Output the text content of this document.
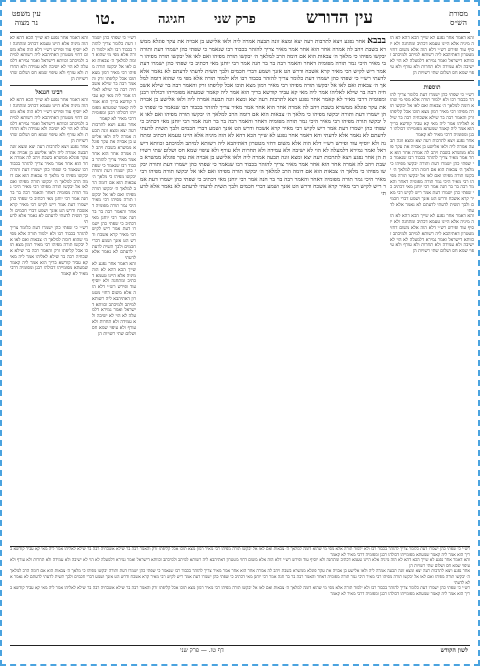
עין משפט
נר מצוה	טו.	חגיגה פרק שני	עין הדורש	מסורת
הש״ס
והא דאמר אחר נפגע לא שייך הכא דהא לא הוה מיניה אלא היינו טעמא דכתיב ומתחנה ולא יוסיף עוד ופירש רש״י דלא הוה אלא משום דחזי מטטרון דאתיהבא ליה רשותא למיתב ולמיכתב זכוותא דישראל ואמר גמירא דלמעלה לא הוי לא ישיבה ולא עמידה ולא תחרות ולא עורף ולא עיפוי שמא חס ושלום שתי רשויות הן
רבינו חננאל
והא דאמר אחר נפגע לא שייך הכא דהא לא הוה מיניה אלא היינו טעמא דכתיב ומתחנה ולא יוסיף עוד ופירש רש״י דלא הוה אלא משום דחזי מטטרון דאתיהבא ליה רשותא למיתב ולמיכתב זכוותא דישראל ואמר גמירא דלמעלה לא הוי לא ישיבה ולא עמידה ולא תחרות ולא עורף ולא עיפוי שמא חס ושלום שתי רשויות הן
אחר נפגע ויצא לתרבות רעה יצא ומצא זונה תבעה אמרה ליה ולאו אלישע בן אבויה את עקר פוגלא ממשרא בשבת ויהב לה אמרה אחר הוא אחר אמר מאיר צריך להזהר בכבוד רבו שנאמר כי שפתי כהן ישמרו דעת ותורה יבקשו מפיהו כי מלאך ה׳ צבאות הוא אם דומה הרב למלאך ה׳ יבקשו תורה מפיהו ואם לאו אל יבקשו תורה מפיהו רבי מאיר היכי גמר תורה מפומיה דאחר והאמר רבה בר בר חנה אמר רבי יוחנן מאי דכתיב כי שפתי כהן ישמרו דעת אמר ריש לקיש רבי מאיר קרא אשכח ודרש הט אזנך ושמע דברי חכמים ולבך תשית לדעתי לדעתם לא נאמר אלא לדעתי
רש״י כי שפתי כהן ישמרו דעת כלומר צריך להזהר בכבוד רבו ולא ילמוד תורה אלא מפי מי שהוא דומה למלאך ה׳ צבאות ואם לאו אל יבקשו תורה מפיהו רבי מאיר רמון מצא תוכו אכל קליפתו זרק והאמר רבה בר שילא אשכחיה רבה בר שילא לאליהו אמר ליה מאי קא עביד קודשא בריך הוא אמר ליה קאמר שמעתא מפומייהו דכולהו רבנן ומפומיה דרבי מאיר לא קאמר
רש״י כי שפתי כהן ישמרו דעת כלומר צריך להזהר בכבוד רבו ולא ילמוד תורה אלא מפי מי שהוא דומה למלאך ה׳ צבאות ואם לאו אל יבקשו תורה מפיהו רבי מאיר רמון מצא תוכו אכל קליפתו זרק והאמר רבה בר שילא אשכחיה רבה בר שילא לאליהו אמר ליה מאי קא עביד קודשא בריך הוא אמר ליה קאמר שמעתא מפומייהו דכולהו רבנן ומפומיה דרבי מאיר לא קאמר
אחר נפגע ויצא לתרבות רעה יצא ומצא זונה תבעה אמרה ליה ולאו אלישע בן אבויה את עקר פוגלא ממשרא בשבת ויהב לה אמרה אחר הוא אחר אמר מאיר צריך להזהר בכבוד רבו שנאמר כי שפתי כהן ישמרו דעת ותורה יבקשו מפיהו כי מלאך ה׳ צבאות הוא אם דומה הרב למלאך ה׳ יבקשו תורה מפיהו ואם לאו אל יבקשו תורה מפיהו רבי מאיר היכי גמר תורה מפומיה דאחר והאמר רבה בר בר חנה אמר רבי יוחנן מאי דכתיב כי שפתי כהן ישמרו דעת אמר ריש לקיש רבי מאיר קרא אשכח ודרש הט אזנך ושמע דברי חכמים ולבך תשית לדעתי לדעתם לא נאמר אלא לדעתי
והא דאמר אחר נפגע לא שייך הכא דהא לא הוה מיניה אלא היינו טעמא דכתיב ומתחנה ולא יוסיף עוד ופירש רש״י דלא הוה אלא משום דחזי מטטרון דאתיהבא ליה רשותא למיתב ולמיכתב זכוותא דישראל ואמר גמירא דלמעלה לא הוי לא ישיבה ולא עמידה ולא תחרות ולא עורף ולא עיפוי שמא חס ושלום שתי רשויות הן
בבבא אחר נפגע ויצא לתרבות רעה יצא ומצא זונה תבעה אמרה ליה ולאו אלישע בן אבויה את עקר פוגלא ממשרא בשבת ויהב לה אמרה אחר הוא אחר אמר מאיר צריך להזהר בכבוד רבו שנאמר כי שפתי כהן ישמרו דעת ותורה יבקשו מפיהו כי מלאך ה׳ צבאות הוא אם דומה הרב למלאך ה׳ יבקשו תורה מפיהו ואם לאו אל יבקשו תורה מפיהו רבי מאיר היכי גמר תורה מפומיה דאחר והאמר רבה בר בר חנה אמר רבי יוחנן מאי דכתיב כי שפתי כהן ישמרו דעת אמר ריש לקיש רבי מאיר קרא אשכח ודרש הט אזנך ושמע דברי חכמים ולבך תשית לדעתי לדעתם לא נאמר אלא לדעתי רש״י כי שפתי כהן ישמרו דעת כלומר צריך להזהר בכבוד רבו ולא ילמוד תורה אלא מפי מי שהוא דומה למלאך ה׳ צבאות ואם לאו אל יבקשו תורה מפיהו רבי מאיר רמון מצא תוכו אכל קליפתו זרק והאמר רבה בר שילא אשכחיה רבה בר שילא לאליהו אמר ליה מאי קא עביד קודשא בריך הוא אמר ליה קאמר שמעתא מפומייהו דכולהו רבנן ומפומיה דרבי מאיר לא קאמר אחר נפגע ויצא לתרבות רעה יצא ומצא זונה תבעה אמרה ליה ולאו אלישע בן אבויה את עקר פוגלא ממשרא בשבת ויהב לה אמרה אחר הוא אחר אמר מאיר צריך להזהר בכבוד רבו שנאמר כי שפתי כהן ישמרו דעת ותורה יבקשו מפיהו כי מלאך ה׳ צבאות הוא אם דומה הרב למלאך ה׳ יבקשו תורה מפיהו ואם לאו אל יבקשו תורה מפיהו רבי מאיר היכי גמר תורה מפומיה דאחר והאמר רבה בר בר חנה אמר רבי יוחנן מאי דכתיב כי שפתי כהן ישמרו דעת אמר ריש לקיש רבי מאיר קרא אשכח ודרש הט אזנך ושמע דברי חכמים ולבך תשית לדעתי לדעתם לא נאמר אלא לדעתי והא דאמר אחר נפגע לא שייך הכא דהא לא הוה מיניה אלא היינו טעמא דכתיב ומתחנה ולא יוסיף עוד ופירש רש״י דלא הוה אלא משום דחזי מטטרון דאתיהבא ליה רשותא למיתב ולמיכתב זכוותא דישראל ואמר גמירא דלמעלה לא הוי לא ישיבה ולא עמידה ולא תחרות ולא עורף ולא עיפוי שמא חס ושלום שתי רשויות הן אחר נפגע ויצא לתרבות רעה יצא ומצא זונה תבעה אמרה ליה ולאו אלישע בן אבויה את עקר פוגלא ממשרא בשבת ויהב לה אמרה אחר הוא אחר אמר מאיר צריך להזהר בכבוד רבו שנאמר כי שפתי כהן ישמרו דעת ותורה יבקשו מפיהו כי מלאך ה׳ צבאות הוא אם דומה הרב למלאך ה׳ יבקשו תורה מפיהו ואם לאו אל יבקשו תורה מפיהו רבי מאיר היכי גמר תורה מפומיה דאחר והאמר רבה בר בר חנה אמר רבי יוחנן מאי דכתיב כי שפתי כהן ישמרו דעת אמר ריש לקיש רבי מאיר קרא אשכח ודרש הט אזנך ושמע דברי חכמים ולבך תשית לדעתי לדעתם לא נאמר אלא לדעתי
והא דאמר אחר נפגע לא שייך הכא דהא לא הוה מיניה אלא היינו טעמא דכתיב ומתחנה ולא יוסיף עוד ופירש רש״י דלא הוה אלא משום דחזי מטטרון דאתיהבא ליה רשותא למיתב ולמיכתב זכוותא דישראל ואמר גמירא דלמעלה לא הוי לא ישיבה ולא עמידה ולא תחרות ולא עורף ולא עיפוי שמא חס ושלום שתי רשויות הן
תוספות
רש״י כי שפתי כהן ישמרו דעת כלומר צריך להזהר בכבוד רבו ולא ילמוד תורה אלא מפי מי שהוא דומה למלאך ה׳ צבאות ואם לאו אל יבקשו תורה מפיהו רבי מאיר רמון מצא תוכו אכל קליפתו זרק והאמר רבה בר שילא אשכחיה רבה בר שילא לאליהו אמר ליה מאי קא עביד קודשא בריך הוא אמר ליה קאמר שמעתא מפומייהו דכולהו רבנן ומפומיה דרבי מאיר לא קאמר
אחר נפגע ויצא לתרבות רעה יצא ומצא זונה תבעה אמרה ליה ולאו אלישע בן אבויה את עקר פוגלא ממשרא בשבת ויהב לה אמרה אחר הוא אחר אמר מאיר צריך להזהר בכבוד רבו שנאמר כי שפתי כהן ישמרו דעת ותורה יבקשו מפיהו כי מלאך ה׳ צבאות הוא אם דומה הרב למלאך ה׳ יבקשו תורה מפיהו ואם לאו אל יבקשו תורה מפיהו רבי מאיר היכי גמר תורה מפומיה דאחר והאמר רבה בר בר חנה אמר רבי יוחנן מאי דכתיב כי שפתי כהן ישמרו דעת אמר ריש לקיש רבי מאיר קרא אשכח ודרש הט אזנך ושמע דברי חכמים ולבך תשית לדעתי לדעתם לא נאמר אלא לדעתי
והא דאמר אחר נפגע לא שייך הכא דהא לא הוה מיניה אלא היינו טעמא דכתיב ומתחנה ולא יוסיף עוד ופירש רש״י דלא הוה אלא משום דחזי מטטרון דאתיהבא ליה רשותא למיתב ולמיכתב זכוותא דישראל ואמר גמירא דלמעלה לא הוי לא ישיבה ולא עמידה ולא תחרות ולא עורף ולא עיפוי שמא חס ושלום שתי רשויות הן
רש״י כי שפתי כהן ישמרו דעת כלומר צריך להזהר בכבוד רבו ולא ילמוד תורה אלא מפי מי שהוא דומה למלאך ה׳ צבאות ואם לאו אל יבקשו תורה מפיהו רבי מאיר רמון מצא תוכו אכל קליפתו זרק והאמר רבה בר שילא אשכחיה רבה בר שילא לאליהו אמר ליה מאי קא עביד קודשא בריך הוא אמר ליה קאמר שמעתא מפומייהו דכולהו רבנן ומפומיה דרבי מאיר לא קאמר
והא דאמר אחר נפגע לא שייך הכא דהא לא הוה מיניה אלא היינו טעמא דכתיב ומתחנה ולא יוסיף עוד ופירש רש״י דלא הוה אלא משום דחזי מטטרון דאתיהבא ליה רשותא למיתב ולמיכתב זכוותא דישראל ואמר גמירא דלמעלה לא הוי לא ישיבה ולא עמידה ולא תחרות ולא עורף ולא עיפוי שמא חס ושלום שתי רשויות הן
אחר נפגע ויצא לתרבות רעה יצא ומצא זונה תבעה אמרה ליה ולאו אלישע בן אבויה את עקר פוגלא ממשרא בשבת ויהב לה אמרה אחר הוא אחר אמר מאיר צריך להזהר בכבוד רבו שנאמר כי שפתי כהן ישמרו דעת ותורה יבקשו מפיהו כי מלאך ה׳ צבאות הוא אם דומה הרב למלאך ה׳ יבקשו תורה מפיהו ואם לאו אל יבקשו תורה מפיהו רבי מאיר היכי גמר תורה מפומיה דאחר והאמר רבה בר בר חנה אמר רבי יוחנן מאי דכתיב כי שפתי כהן ישמרו דעת אמר ריש לקיש רבי מאיר קרא אשכח ודרש הט אזנך ושמע דברי חכמים ולבך תשית לדעתי לדעתם לא נאמר אלא לדעתי
רש״י כי שפתי כהן ישמרו דעת כלומר צריך להזהר בכבוד רבו ולא ילמוד תורה אלא מפי מי שהוא דומה למלאך ה׳ צבאות ואם לאו אל יבקשו תורה מפיהו רבי מאיר רמון מצא תוכו אכל קליפתו זרק והאמר רבה בר שילא אשכחיה רבה בר שילא לאליהו אמר ליה מאי קא עביד קודשא בריך הוא אמר ליה קאמר שמעתא מפומייהו דכולהו רבנן ומפומיה דרבי מאיר לא קאמר
דף טו. — פרק שני	לשון הקודש
